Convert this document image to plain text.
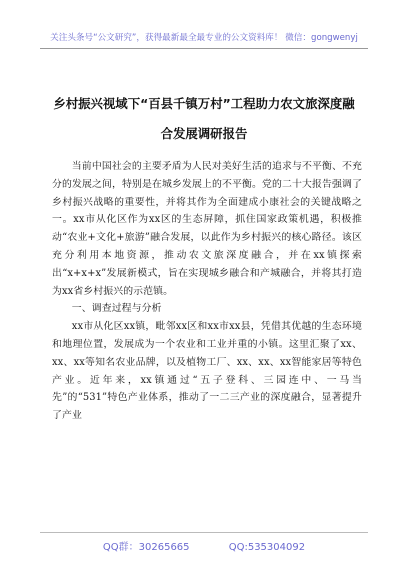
关注头条号“公文研究”，获得最新最全最专业的公文资料库！ 微信：gongwenyj
乡村振兴视域下“百县千镇万村”工程助力农文旅深度融
合发展调研报告

当前中国社会的主要矛盾为人民对美好生活的追求与不平衡、不充分的发展之间，特别是在城乡发展上的不平衡。党的二十大报告强调了乡村振兴战略的重要性，并将其作为全面建成小康社会的关键战略之一。xx市从化区作为xx区的生态屏障，抓住国家政策机遇，积极推动“农业+文化+旅游”融合发展，以此作为乡村振兴的核心路径。该区充分利用本地资源，推动农文旅深度融合，并在xx镇探索出“x+x+x”发展新模式，旨在实现城乡融合和产城融合，并将其打造为xx省乡村振兴的示范镇。

一、调查过程与分析

xx市从化区xx镇，毗邻xx区和xx市xx县，凭借其优越的生态环境和地理位置，发展成为一个农业和工业并重的小镇。这里汇聚了xx、xx、xx等知名农业品牌，以及植物工厂、xx、xx、xx智能家居等特色产业。近年来，xx镇通过“五子登科、三园连中、一马当先”的“531”特色产业体系，推动了一二三产业的深度融合，显著提升了产业

QQ群：30265665	QQ:535304092
